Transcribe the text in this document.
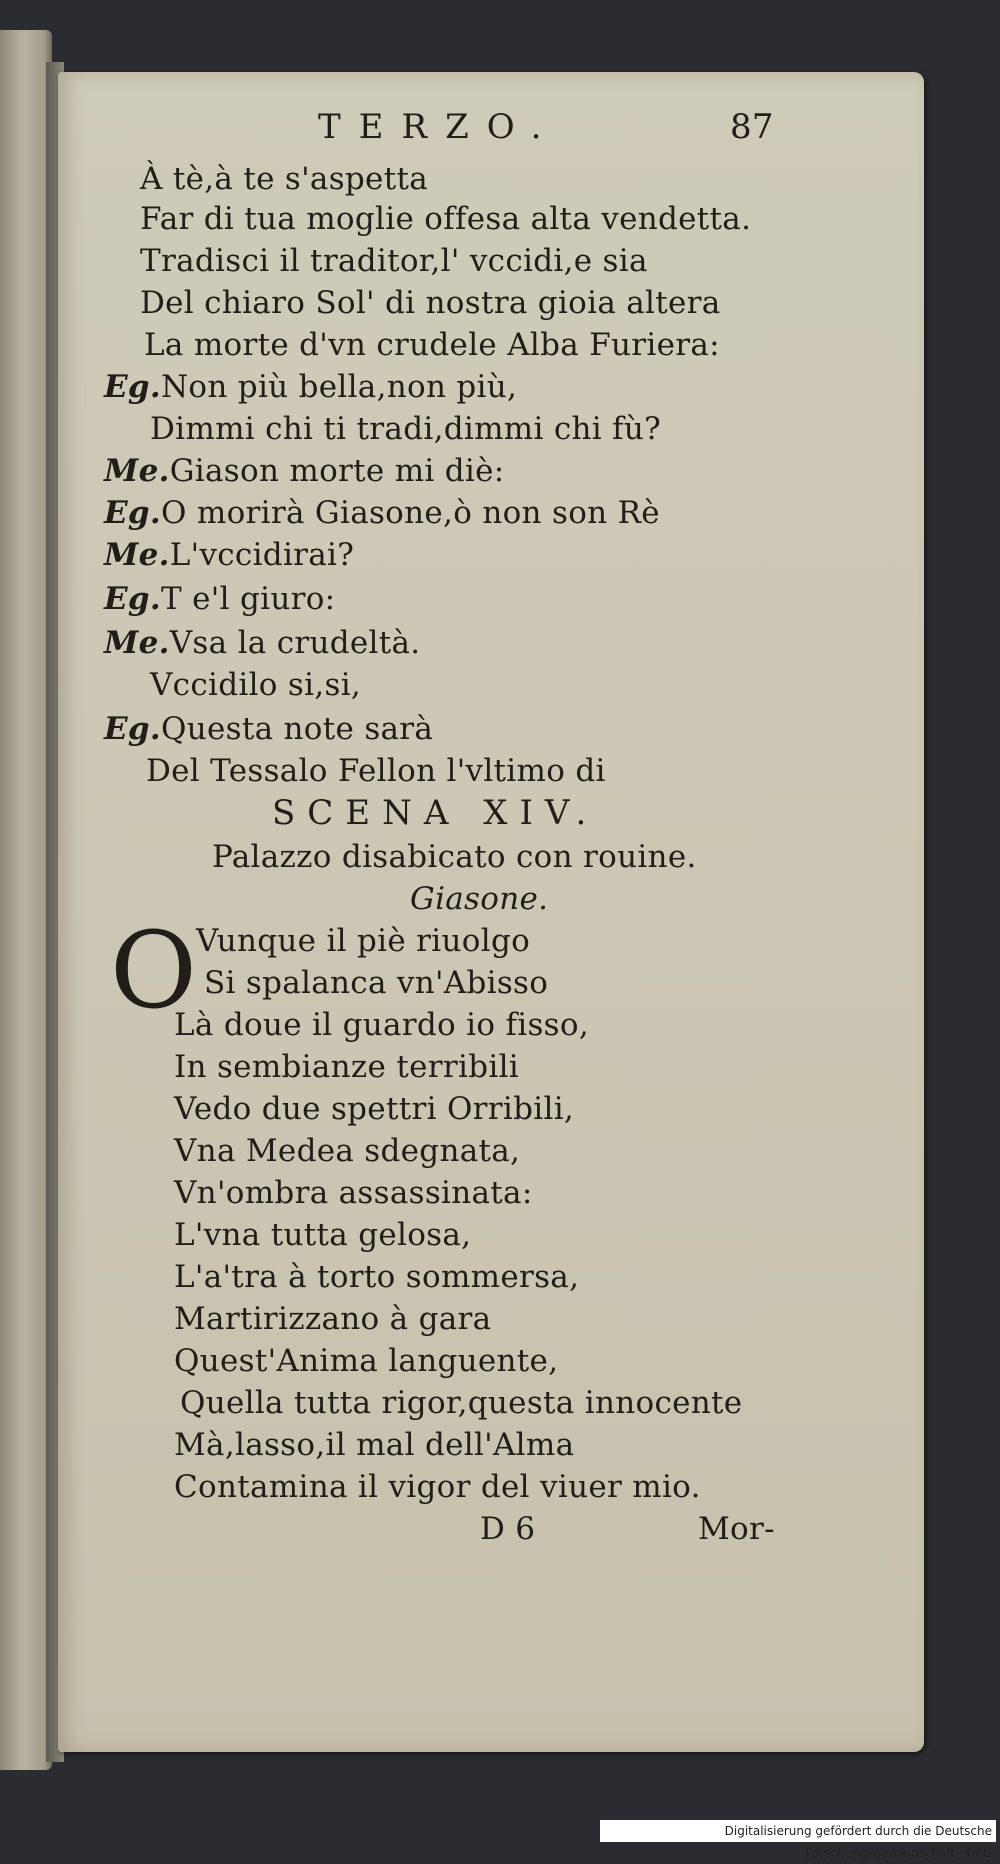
TERZO.	87
À tè,à te s'aspetta
Far di tua moglie offesa alta vendetta.
Tradisci il traditor,l' vccidi,e sia
Del chiaro Sol' di nostra gioia altera
La morte d'vn crudele Alba Furiera:
Eg.Non più bella,non più,
Dimmi chi ti tradi,dimmi chi fù?
Me.Giason morte mi diè:
Eg.O morirà Giasone,ò non son Rè
Me.L'vccidirai?
Eg.T e'l giuro:
Me.Vsa la crudeltà.
Vccidilo si,si,
Eg.Questa note sarà
Del Tessalo Fellon l'vltimo di
SCENA XIV.
Palazzo disabicato con rouine.
Giasone.
O Vunque il piè riuolgo
Si spalanca vn'Abisso
Là doue il guardo io fisso,
In sembianze terribili
Vedo due spettri Orribili,
Vna Medea sdegnata,
Vn'ombra assassinata:
L'vna tutta gelosa,
L'a'tra à torto sommersa,
Martirizzano à gara
Quest'Anima languente,
Quella tutta rigor,questa innocente
Mà,lasso,il mal dell'Alma
Contamina il vigor del viuer mio.
D 6	Mor-
Digitalisierung gefördert durch die Deutsche Forschungsgemeinschaft · DFG
